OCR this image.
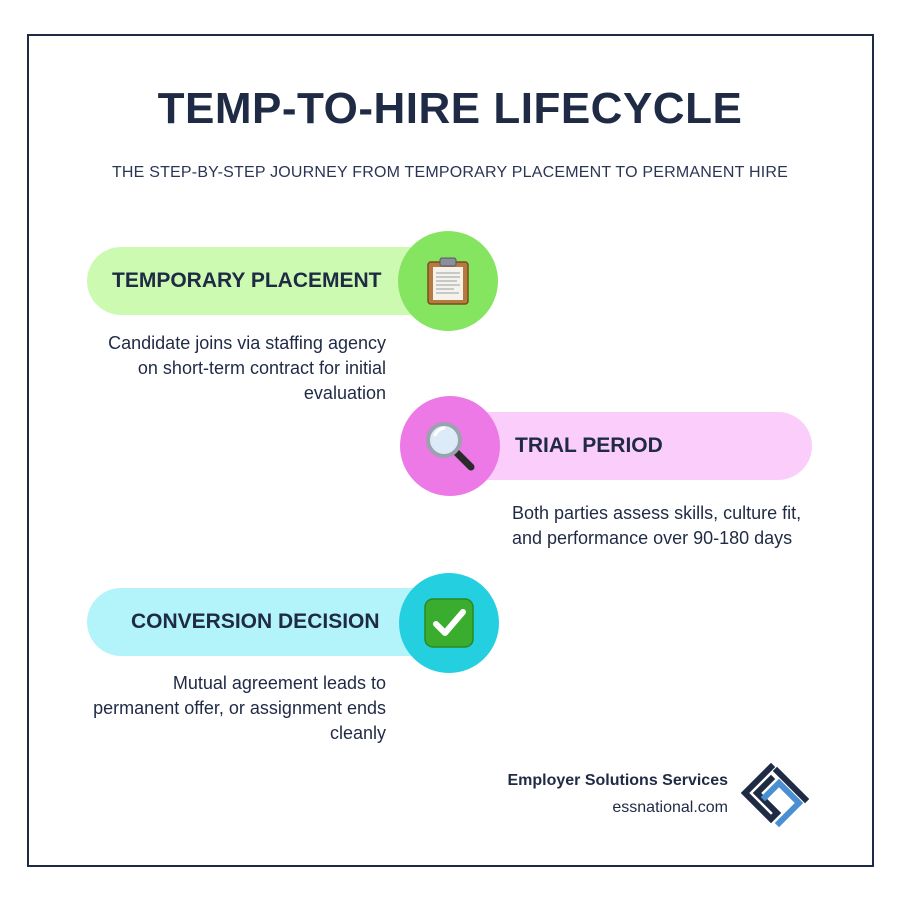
TEMP-TO-HIRE LIFECYCLE
THE STEP-BY-STEP JOURNEY FROM TEMPORARY PLACEMENT TO PERMANENT HIRE
TEMPORARY PLACEMENT
Candidate joins via staffing agency on short-term contract for initial evaluation
TRIAL PERIOD
Both parties assess skills, culture fit, and performance over 90-180 days
CONVERSION DECISION
Mutual agreement leads to permanent offer, or assignment ends cleanly
Employer Solutions Services
essnational.com
